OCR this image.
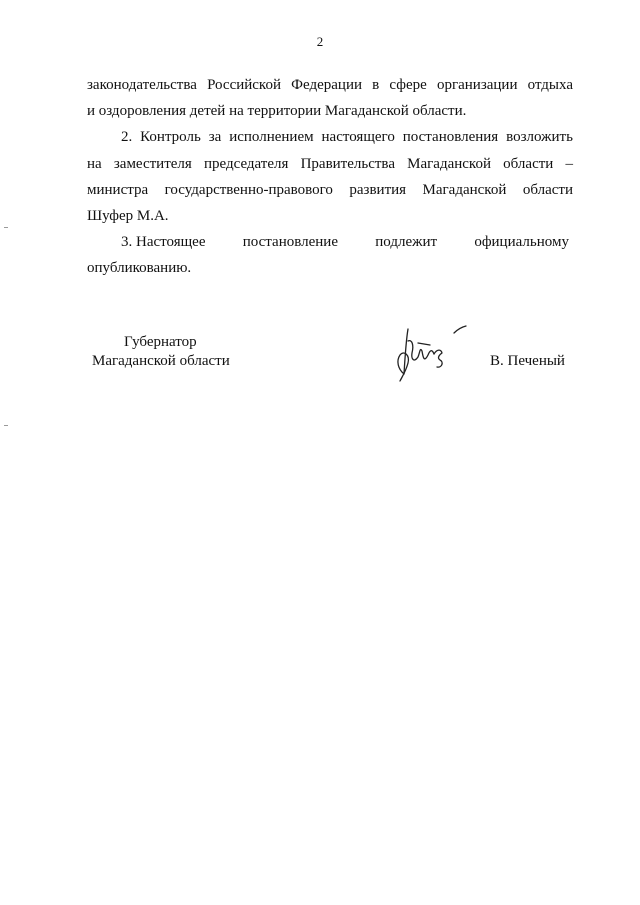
2
законодательства Российской Федерации в сфере организации отдыха
и оздоровления детей на территории Магаданской области.
2. Контроль за исполнением настоящего постановления возложить
на заместителя председателя Правительства Магаданской области –
министра государственно-правового развития Магаданской области
Шуфер М.А.
3. Настоящее постановление подлежит официальному
опубликованию.
Губернатор
Магаданской области	В. Печеный
